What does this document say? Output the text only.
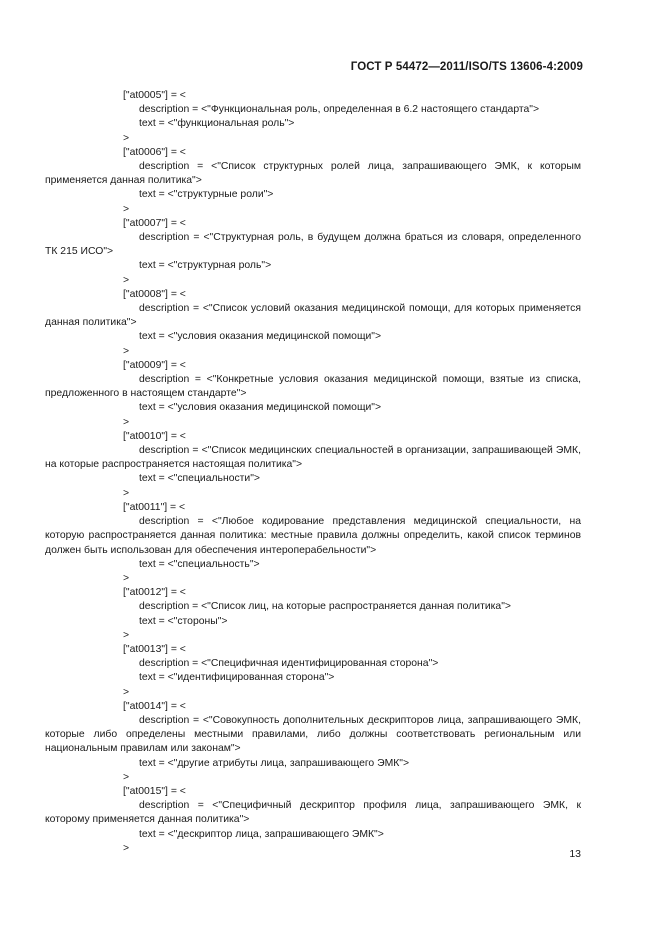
ГОСТ Р 54472—2011/ISO/TS 13606-4:2009
["at0005"] = <
description = <"Функциональная роль, определенная в 6.2 настоящего стандарта">
text = <"функциональная роль">
>
["at0006"] = <
description = <"Список структурных ролей лица, запрашивающего ЭМК, к которым применяется данная политика">
text = <"структурные роли">
>
["at0007"] = <
description = <"Структурная роль, в будущем должна браться из словаря, определенного ТК 215 ИСО">
text = <"структурная роль">
>
["at0008"] = <
description = <"Список условий оказания медицинской помощи, для которых применяется данная политика">
text = <"условия оказания медицинской помощи">
>
["at0009"] = <
description = <"Конкретные условия оказания медицинской помощи, взятые из списка, предложенного в настоящем стандарте">
text = <"условия оказания медицинской помощи">
>
["at0010"] = <
description = <"Список медицинских специальностей в организации, запрашивающей ЭМК, на которые распространяется настоящая политика">
text = <"специальности">
>
["at0011"] = <
description = <"Любое кодирование представления медицинской специальности, на которую распространяется данная политика: местные правила должны определить, какой список терминов должен быть использован для обеспечения интероперабельности">
text = <"специальность">
>
["at0012"] = <
description = <"Список лиц, на которые распространяется данная политика">
text = <"стороны">
>
["at0013"] = <
description = <"Специфичная идентифицированная сторона">
text = <"идентифицированная сторона">
>
["at0014"] = <
description = <"Совокупность дополнительных дескрипторов лица, запрашивающего ЭМК, которые либо определены местными правилами, либо должны соответствовать региональным или национальным правилам или законам">
text = <"другие атрибуты лица, запрашивающего ЭМК">
>
["at0015"] = <
description = <"Специфичный дескриптор профиля лица, запрашивающего ЭМК, к которому применяется данная политика">
text = <"дескриптор лица, запрашивающего ЭМК">
>	13
